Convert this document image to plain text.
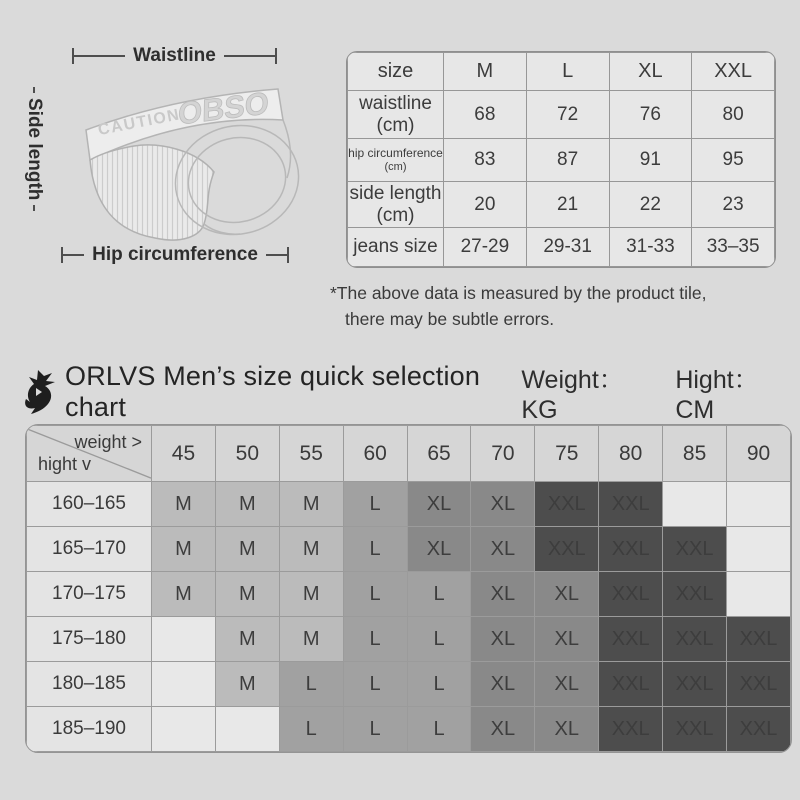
CAUTION
OBSO
Waistline
Side length
Hip circumference
size	M	L	XL	XXL

waistline
(cm)	68	72	76	80

hip circumference
(cm)	83	87	91	95

side length
(cm)	20	21	22	23

jeans size	27-29	29-31	31-33	33–35
*The above data is measured by the product tile,
there may be subtle errors.
ORLVS Men’s size quick selection chart
Weight：KG
Hight：CM
weight >
hight v	45	50	55	60	65	70	75	80	85	90
160–165	M	M	M	L	XL	XL	XXL	XXL		
165–170	M	M	M	L	XL	XL	XXL	XXL	XXL	
170–175	M	M	M	L	L	XL	XL	XXL	XXL	
175–180		M	M	L	L	XL	XL	XXL	XXL	XXL
180–185		M	L	L	L	XL	XL	XXL	XXL	XXL
185–190			L	L	L	XL	XL	XXL	XXL	XXL
